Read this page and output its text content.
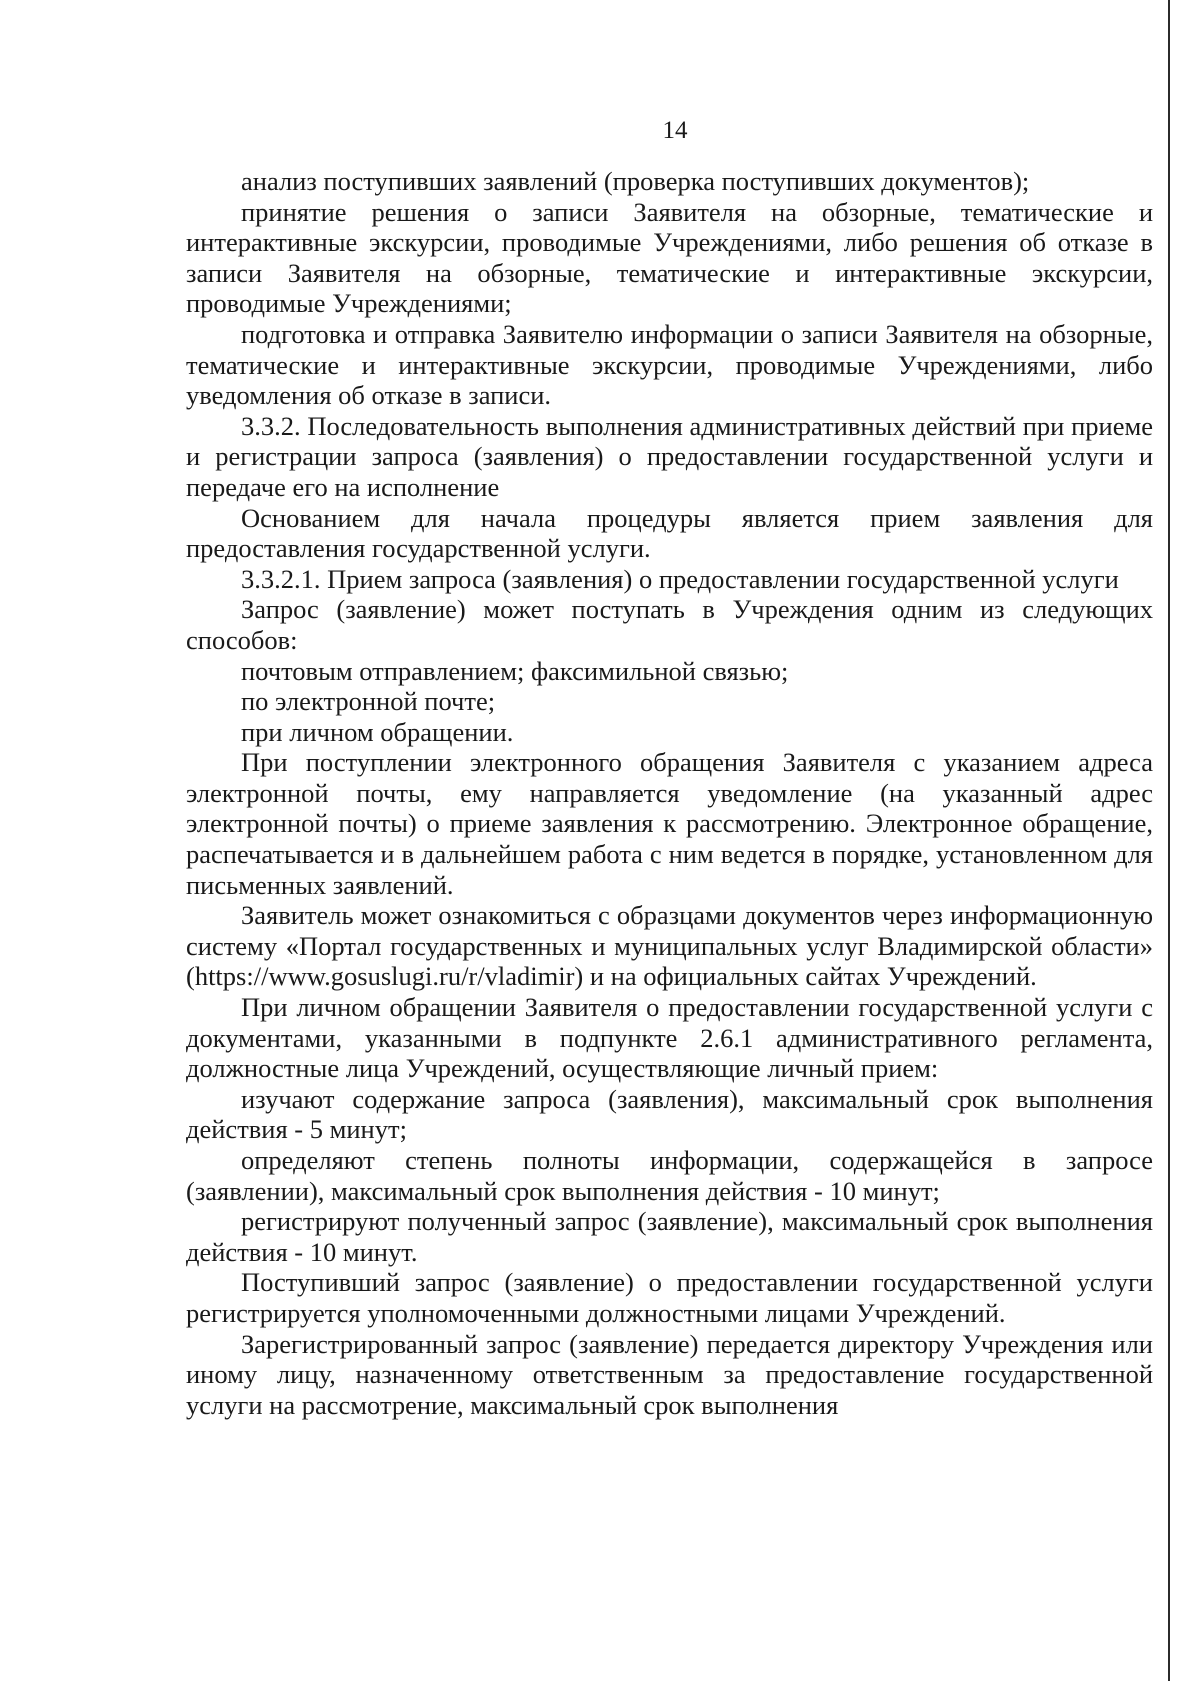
14

анализ поступивших заявлений (проверка поступивших документов);

принятие решения о записи Заявителя на обзорные, тематические и интерактивные экскурсии, проводимые Учреждениями, либо решения об отказе в записи Заявителя на обзорные, тематические и интерактивные экскурсии, проводимые Учреждениями;

подготовка и отправка Заявителю информации о записи Заявителя на обзорные, тематические и интерактивные экскурсии, проводимые Учреждениями, либо уведомления об отказе в записи.

3.3.2. Последовательность выполнения административных действий при приеме и регистрации запроса (заявления) о предоставлении государственной услуги и передаче его на исполнение

Основанием для начала процедуры является прием заявления для предоставления государственной услуги.

3.3.2.1. Прием запроса (заявления) о предоставлении государственной услуги

Запрос (заявление) может поступать в Учреждения одним из следующих способов:

почтовым отправлением; факсимильной связью;

по электронной почте;

при личном обращении.

При поступлении электронного обращения Заявителя с указанием адреса электронной почты, ему направляется уведомление (на указанный адрес электронной почты) о приеме заявления к рассмотрению. Электронное обращение, распечатывается и в дальнейшем работа с ним ведется в порядке, установленном для письменных заявлений.

Заявитель может ознакомиться с образцами документов через информационную систему «Портал государственных и муниципальных услуг Владимирской области» (https://www.gosuslugi.ru/r/vladimir) и на официальных сайтах Учреждений.

При личном обращении Заявителя о предоставлении государственной услуги с документами, указанными в подпункте 2.6.1 административного регламента, должностные лица Учреждений, осуществляющие личный прием:

изучают содержание запроса (заявления), максимальный срок выполнения действия - 5 минут;

определяют степень полноты информации, содержащейся в запросе (заявлении), максимальный срок выполнения действия - 10 минут;

регистрируют полученный запрос (заявление), максимальный срок выполнения действия - 10 минут.

Поступивший запрос (заявление) о предоставлении государственной услуги регистрируется уполномоченными должностными лицами Учреждений.

Зарегистрированный запрос (заявление) передается директору Учреждения или иному лицу, назначенному ответственным за предоставление государственной услуги на рассмотрение, максимальный срок выполнения
